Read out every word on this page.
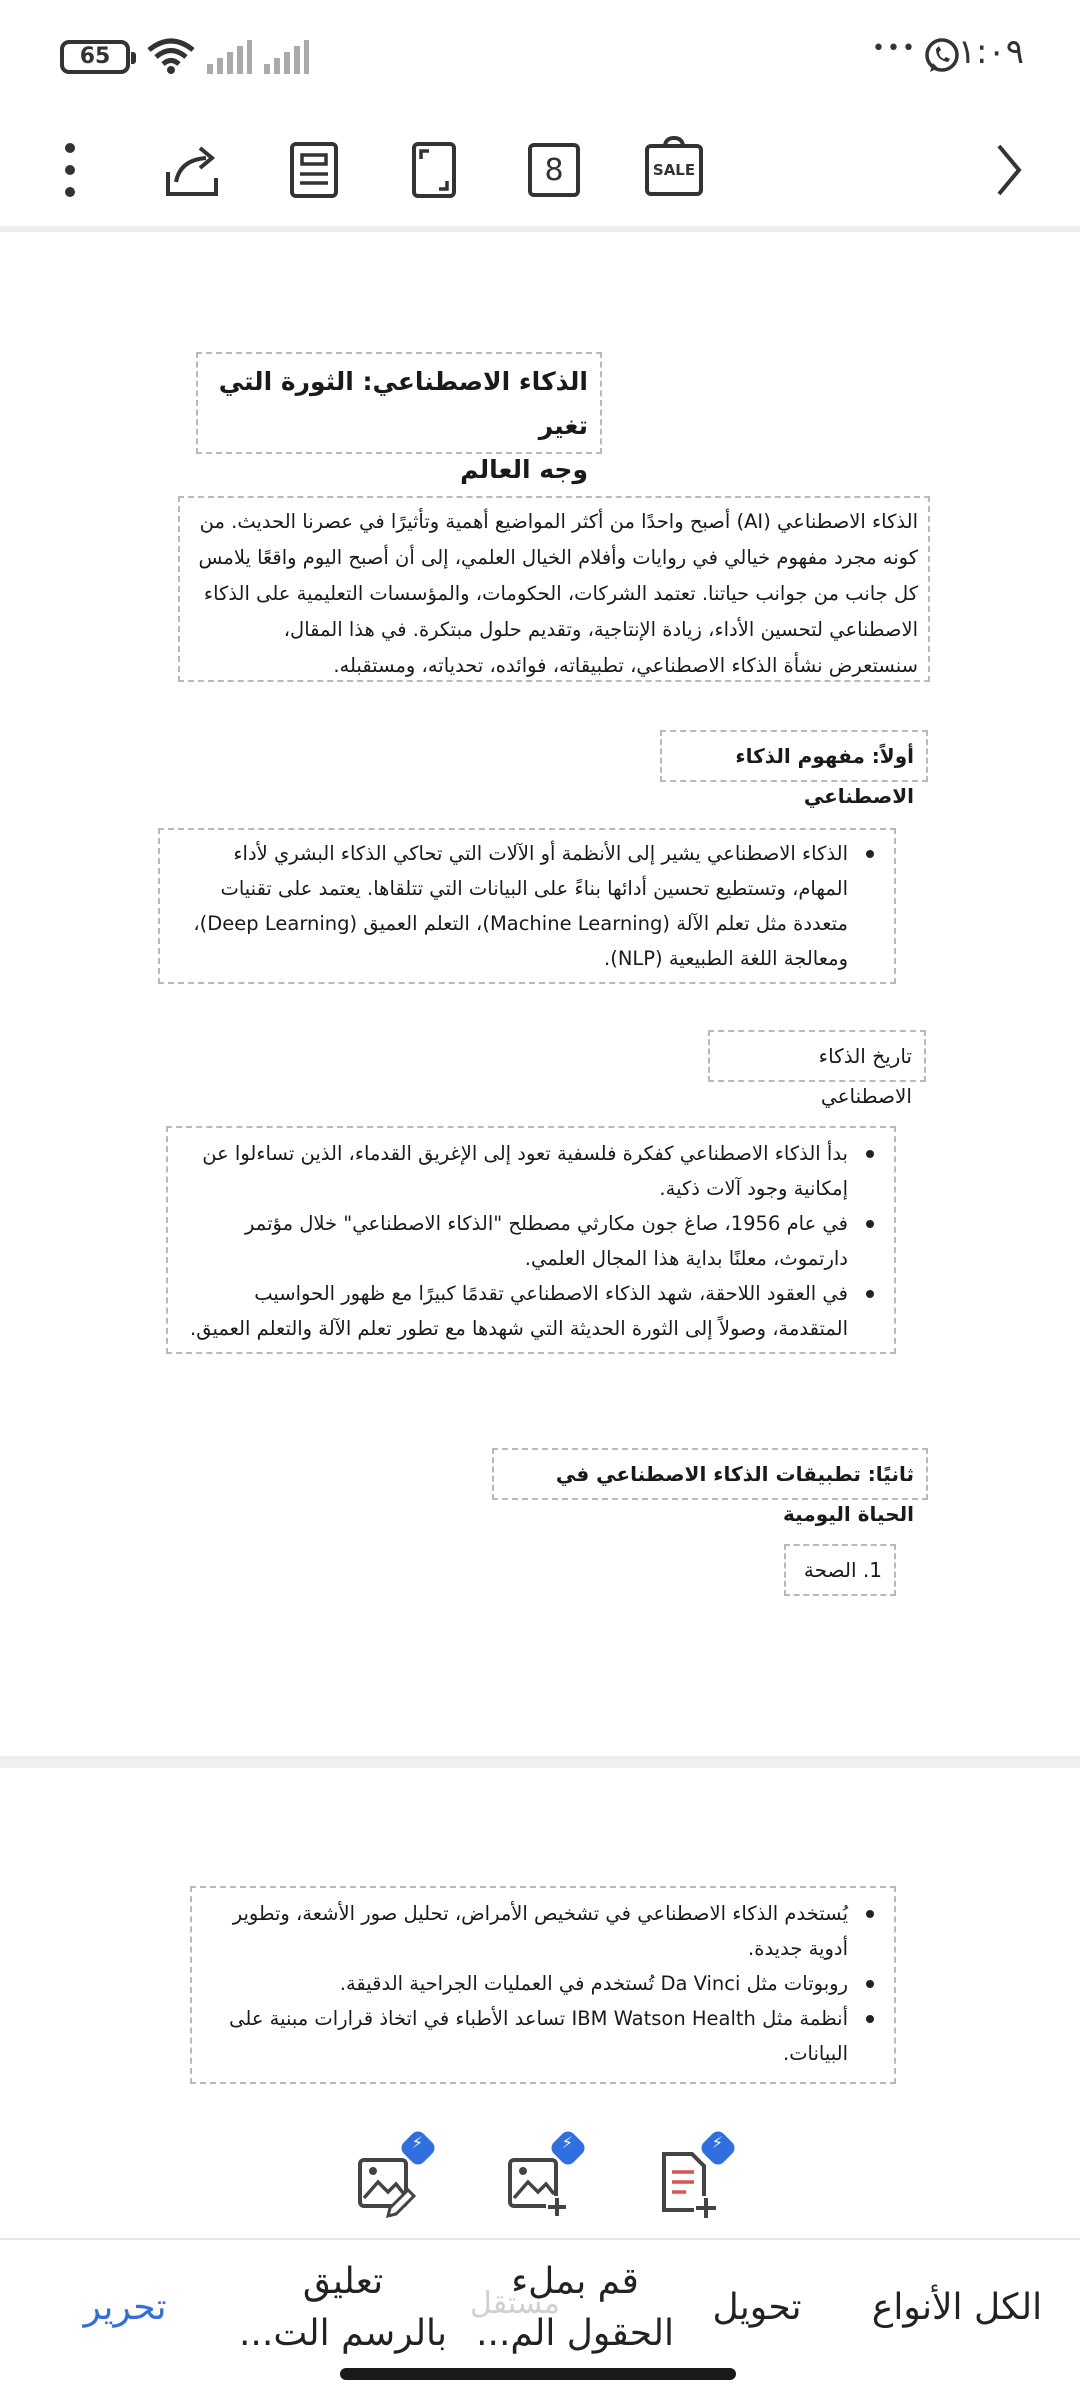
65	••• ١:٠٩
8	SALE
الذكاء الاصطناعي: الثورة التي تغير
وجه العالم
الذكاء الاصطناعي (AI) أصبح واحدًا من أكثر المواضيع أهمية وتأثيرًا في عصرنا الحديث. من كونه مجرد مفهوم خيالي في روايات وأفلام الخيال العلمي، إلى أن أصبح اليوم واقعًا يلامس كل جانب من جوانب حياتنا. تعتمد الشركات، الحكومات، والمؤسسات التعليمية على الذكاء الاصطناعي لتحسين الأداء، زيادة الإنتاجية، وتقديم حلول مبتكرة. في هذا المقال، سنستعرض نشأة الذكاء الاصطناعي، تطبيقاته، فوائده، تحدياته، ومستقبله.
أولاً: مفهوم الذكاء الاصطناعي
الذكاء الاصطناعي يشير إلى الأنظمة أو الآلات التي تحاكي الذكاء البشري لأداء المهام، وتستطيع تحسين أدائها بناءً على البيانات التي تتلقاها. يعتمد على تقنيات متعددة مثل تعلم الآلة (Machine Learning)، التعلم العميق (Deep Learning)، ومعالجة اللغة الطبيعية (NLP).
تاريخ الذكاء الاصطناعي
بدأ الذكاء الاصطناعي كفكرة فلسفية تعود إلى الإغريق القدماء، الذين تساءلوا عن إمكانية وجود آلات ذكية.
في عام 1956، صاغ جون مكارثي مصطلح "الذكاء الاصطناعي" خلال مؤتمر دارتموث، معلنًا بداية هذا المجال العلمي.
في العقود اللاحقة، شهد الذكاء الاصطناعي تقدمًا كبيرًا مع ظهور الحواسيب المتقدمة، وصولاً إلى الثورة الحديثة التي شهدها مع تطور تعلم الآلة والتعلم العميق.
ثانيًا: تطبيقات الذكاء الاصطناعي في الحياة اليومية
1. الصحة
يُستخدم الذكاء الاصطناعي في تشخيص الأمراض، تحليل صور الأشعة، وتطوير أدوية جديدة.
روبوتات مثل Da Vinci تُستخدم في العمليات الجراحية الدقيقة.
أنظمة مثل IBM Watson Health تساعد الأطباء في اتخاذ قرارات مبنية على البيانات.
⚡
⚡
⚡
تحرير
تعليق
بالرسم الت...
مستقل
قم بملء
الحقول الم...
تحويل	الكل الأنواع
